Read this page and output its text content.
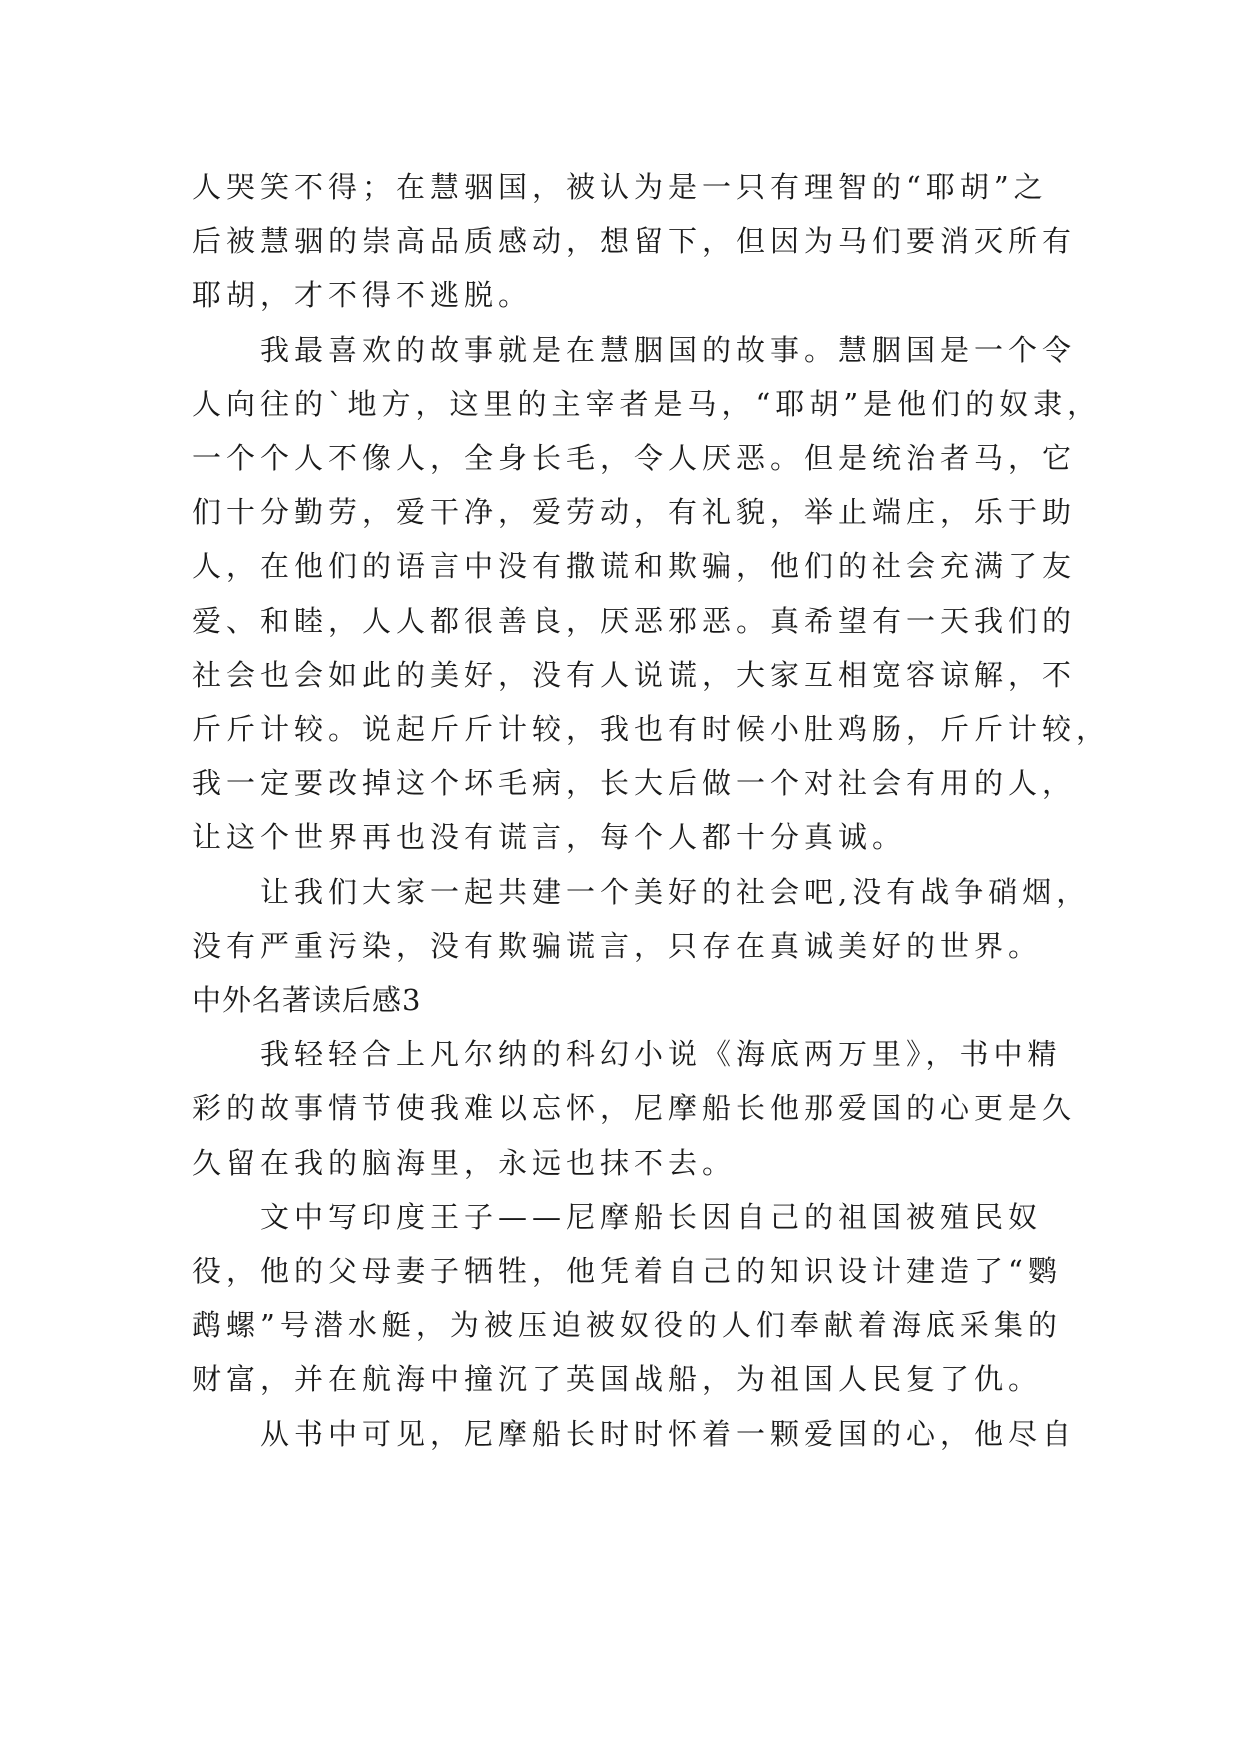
人哭笑不得；在慧骃国，被认为是一只有理智的“耶胡”之

后被慧骃的崇高品质感动，想留下，但因为马们要消灭所有

耶胡，才不得不逃脱。

　　我最喜欢的故事就是在慧胭国的故事。慧胭国是一个令

人向往的`地方，这里的主宰者是马，“耶胡”是他们的奴隶，

一个个人不像人，全身长毛，令人厌恶。但是统治者马，它

们十分勤劳，爱干净，爱劳动，有礼貌，举止端庄，乐于助

人，在他们的语言中没有撒谎和欺骗，他们的社会充满了友

爱、和睦，人人都很善良，厌恶邪恶。真希望有一天我们的

社会也会如此的美好，没有人说谎，大家互相宽容谅解，不

斤斤计较。说起斤斤计较，我也有时候小肚鸡肠，斤斤计较，

我一定要改掉这个坏毛病，长大后做一个对社会有用的人，

让这个世界再也没有谎言，每个人都十分真诚。

　　让我们大家一起共建一个美好的社会吧,没有战争硝烟，

没有严重污染，没有欺骗谎言，只存在真诚美好的世界。

中外名著读后感3

　　我轻轻合上凡尔纳的科幻小说《海底两万里》，书中精

彩的故事情节使我难以忘怀，尼摩船长他那爱国的心更是久

久留在我的脑海里，永远也抹不去。

　　文中写印度王子——尼摩船长因自己的祖国被殖民奴

役，他的父母妻子牺牲，他凭着自己的知识设计建造了“鹦

鹉螺”号潜水艇，为被压迫被奴役的人们奉献着海底采集的

财富，并在航海中撞沉了英国战船，为祖国人民复了仇。

　　从书中可见，尼摩船长时时怀着一颗爱国的心，他尽自
